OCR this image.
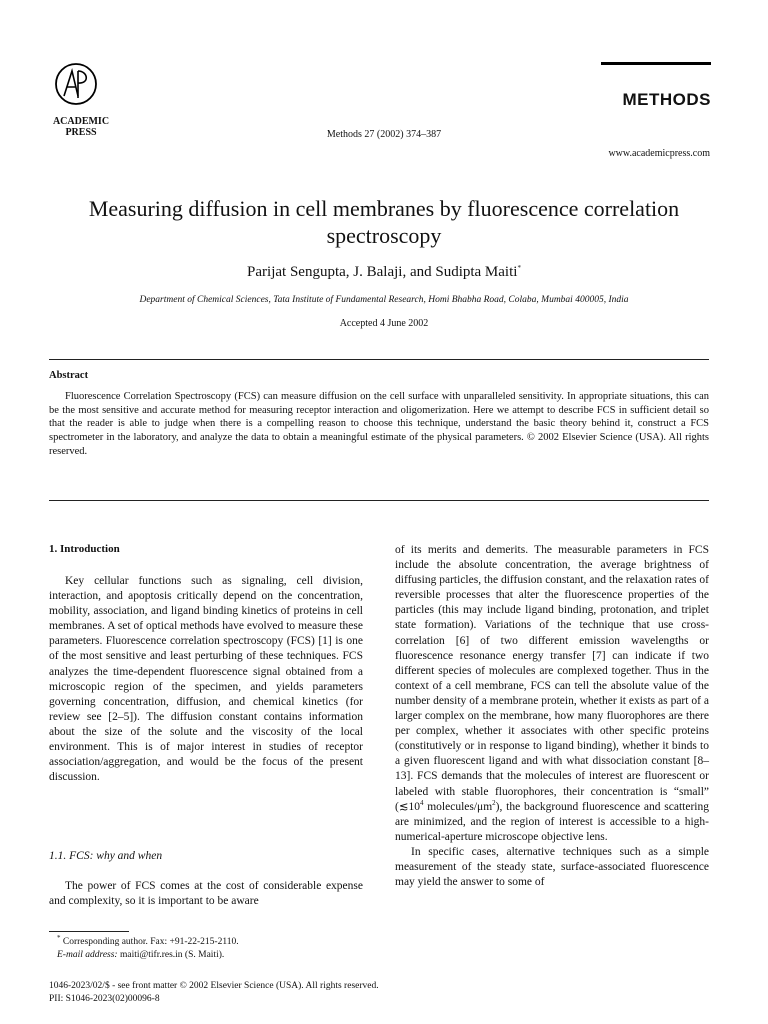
ACADEMIC
PRESS	Methods 27 (2002) 374–387
METHODS
www.academicpress.com
Measuring diffusion in cell membranes by fluorescence correlation spectroscopy
Parijat Sengupta, J. Balaji, and Sudipta Maiti*
Department of Chemical Sciences, Tata Institute of Fundamental Research, Homi Bhabha Road, Colaba, Mumbai 400005, India
Accepted 4 June 2002
Abstract
Fluorescence Correlation Spectroscopy (FCS) can measure diffusion on the cell surface with unparalleled sensitivity. In appropriate situations, this can be the most sensitive and accurate method for measuring receptor interaction and oligomerization. Here we attempt to describe FCS in sufficient detail so that the reader is able to judge when there is a compelling reason to choose this technique, understand the basic theory behind it, construct a FCS spectrometer in the laboratory, and analyze the data to obtain a meaningful estimate of the physical parameters. © 2002 Elsevier Science (USA). All rights reserved.
1. Introduction
Key cellular functions such as signaling, cell division, interaction, and apoptosis critically depend on the concentration, mobility, association, and ligand binding kinetics of proteins in cell membranes. A set of optical methods have evolved to measure these parameters. Fluorescence correlation spectroscopy (FCS) [1] is one of the most sensitive and least perturbing of these techniques. FCS analyzes the time-dependent fluorescence signal obtained from a microscopic region of the specimen, and yields parameters governing concentration, diffusion, and chemical kinetics (for review see [2–5]). The diffusion constant contains information about the size of the solute and the viscosity of the local environment. This is of major interest in studies of receptor association/aggregation, and would be the focus of the present discussion.
1.1. FCS: why and when
The power of FCS comes at the cost of considerable expense and complexity, so it is important to be aware

of its merits and demerits. The measurable parameters in FCS include the absolute concentration, the average brightness of diffusing particles, the diffusion constant, and the relaxation rates of reversible processes that alter the fluorescence properties of the particles (this may include ligand binding, protonation, and triplet state formation). Variations of the technique that use cross-correlation [6] of two different emission wavelengths or fluorescence resonance energy transfer [7] can indicate if two different species of molecules are complexed together. Thus in the context of a cell membrane, FCS can tell the absolute value of the number density of a membrane protein, whether it exists as part of a larger complex on the membrane, how many fluorophores are there per complex, whether it associates with other specific proteins (constitutively or in response to ligand binding), whether it binds to a given fluorescent ligand and with what dissociation constant [8–13]. FCS demands that the molecules of interest are fluorescent or labeled with stable fluorophores, their concentration is “small” ($≲10^4$ molecules/$\mu m^2$), the background fluorescence and scattering are minimized, and the region of interest is accessible to a high-numerical-aperture microscope objective lens.

In specific cases, alternative techniques such as a simple measurement of the steady state, surface-associated fluorescence may yield the answer to some of

* Corresponding author. Fax: +91-22-215-2110.
E-mail address: maiti@tifr.res.in (S. Maiti).
1046-2023/02/$ - see front matter © 2002 Elsevier Science (USA). All rights reserved.
PII: S1046-2023(02)00096-8
